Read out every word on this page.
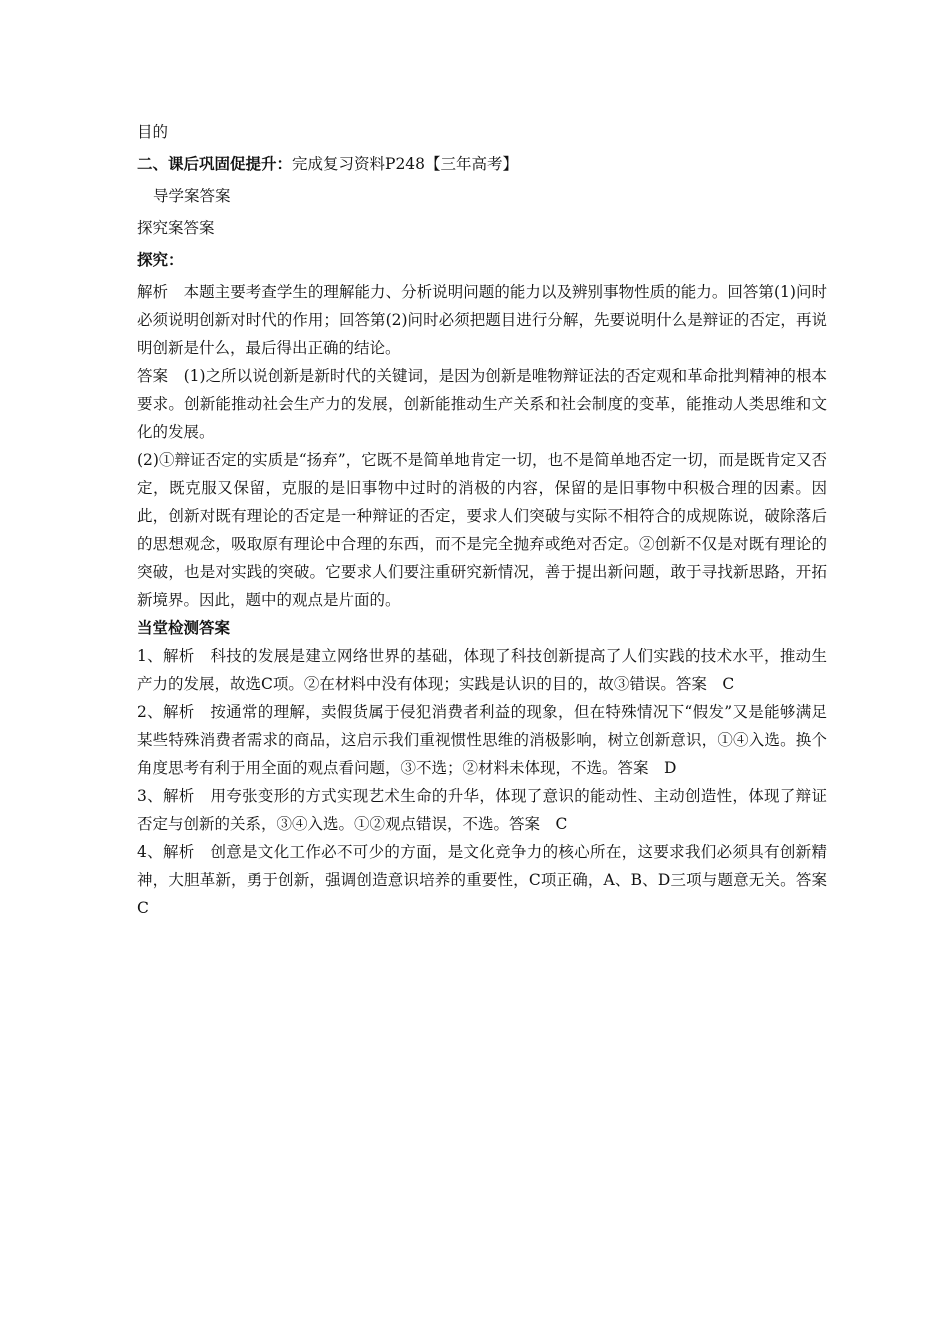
目的
二、课后巩固促提升：完成复习资料P248【三年高考】
导学案答案
探究案答案
探究：
解析　本题主要考查学生的理解能力、分析说明问题的能力以及辨别事物性质的能力。回答第(1)问时必须说明创新对时代的作用；回答第(2)问时必须把题目进行分解，先要说明什么是辩证的否定，再说明创新是什么，最后得出正确的结论。
答案　(1)之所以说创新是新时代的关键词，是因为创新是唯物辩证法的否定观和革命批判精神的根本要求。创新能推动社会生产力的发展，创新能推动生产关系和社会制度的变革，能推动人类思维和文化的发展。
(2)①辩证否定的实质是“扬弃”，它既不是简单地肯定一切，也不是简单地否定一切，而是既肯定又否定，既克服又保留，克服的是旧事物中过时的消极的内容，保留的是旧事物中积极合理的因素。因此，创新对既有理论的否定是一种辩证的否定，要求人们突破与实际不相符合的成规陈说，破除落后的思想观念，吸取原有理论中合理的东西，而不是完全抛弃或绝对否定。②创新不仅是对既有理论的突破，也是对实践的突破。它要求人们要注重研究新情况，善于提出新问题，敢于寻找新思路，开拓新境界。因此，题中的观点是片面的。
当堂检测答案
1、解析　科技的发展是建立网络世界的基础，体现了科技创新提高了人们实践的技术水平，推动生产力的发展，故选C项。②在材料中没有体现；实践是认识的目的，故③错误。答案　C
2、解析　按通常的理解，卖假货属于侵犯消费者利益的现象，但在特殊情况下“假发”又是能够满足某些特殊消费者需求的商品，这启示我们重视惯性思维的消极影响，树立创新意识，①④入选。换个角度思考有利于用全面的观点看问题，③不选；②材料未体现，不选。答案　D
3、解析　用夸张变形的方式实现艺术生命的升华，体现了意识的能动性、主动创造性，体现了辩证否定与创新的关系，③④入选。①②观点错误，不选。答案　C
4、解析　创意是文化工作必不可少的方面，是文化竞争力的核心所在，这要求我们必须具有创新精神，大胆革新，勇于创新，强调创造意识培养的重要性，C项正确，A、B、D三项与题意无关。答案　C
